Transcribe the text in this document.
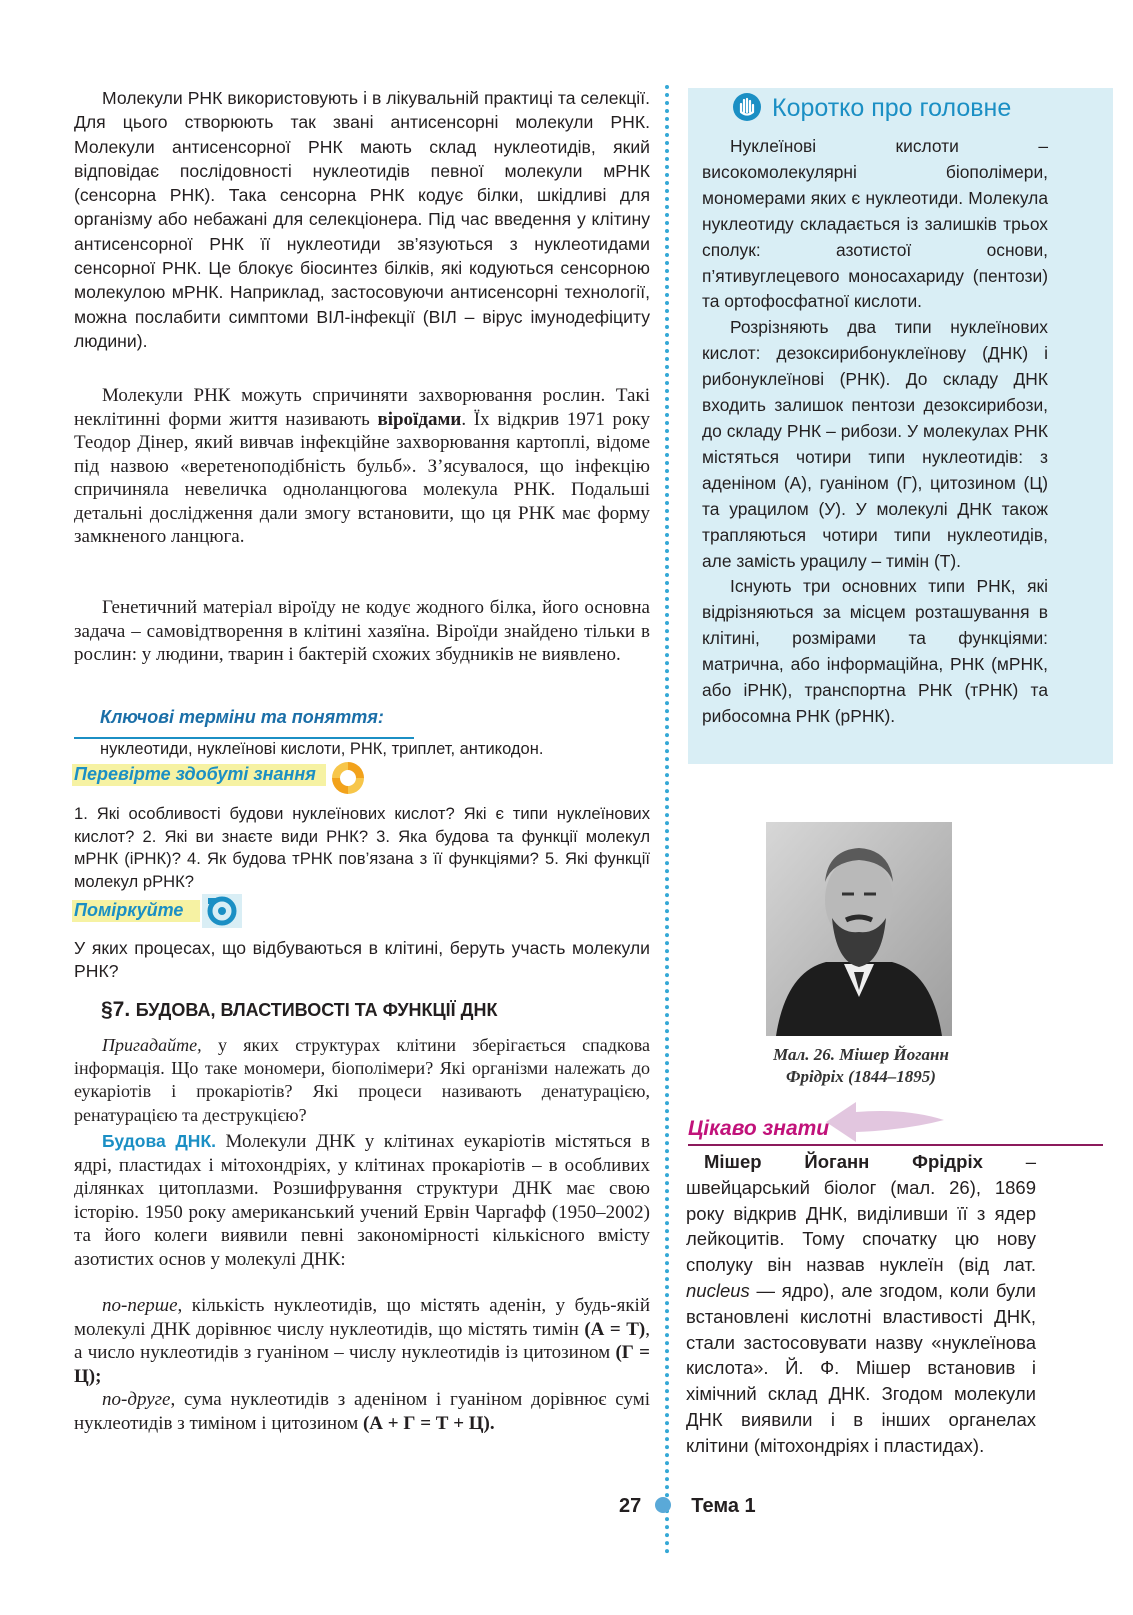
Молекули РНК використовують і в лікувальній практиці та селекції. Для цього створюють так звані антисенсорні молекули РНК. Молекули антисенсорної РНК мають склад нуклеотидів, який відповідає послідовності нуклеотидів певної молекули мРНК (сенсорна РНК). Така сенсорна РНК кодує білки, шкідливі для організму або небажані для селекціонера. Під час введення у клітину антисенсорної РНК її нуклеотиди зв’язуються з нуклеотидами сенсорної РНК. Це блокує біосинтез білків, які кодуються сенсорною молекулою мРНК. Наприклад, застосовуючи антисенсорні технології, можна послабити симптоми ВІЛ-інфекції (ВІЛ – вірус імунодефіциту людини).
Молекули РНК можуть спричиняти захворювання рослин. Такі неклітинні форми життя називають віроїдами. Їх відкрив 1971 року Теодор Дінер, який вивчав інфекційне захворювання картоплі, відоме під назвою «веретеноподібність бульб». З’ясувалося, що інфекцію спричиняла невеличка одноланцюгова молекула РНК. Подальші детальні дослідження дали змогу встановити, що ця РНК має форму замкненого ланцюга.
Генетичний матеріал віроїду не кодує жодного білка, його основна задача – самовідтворення в клітині хазяїна. Віроїди знайдено тільки в рослин: у людини, тварин і бактерій схожих збудників не виявлено.
Ключові терміни та поняття:
нуклеотиди, нуклеїнові кислоти, РНК, триплет, антикодон.
Перевірте здобуті знання
1. Які особливості будови нуклеїнових кислот? Які є типи нуклеїнових кислот? 2. Які ви знаєте види РНК? 3. Яка будова та функції молекул мРНК (іРНК)? 4. Як будова тРНК пов’язана з її функціями? 5. Які функції молекул рРНК?
Поміркуйте
У яких процесах, що відбуваються в клітині, беруть участь молекули РНК?
§7. БУДОВА, ВЛАСТИВОСТІ ТА ФУНКЦІЇ ДНК
Пригадайте, у яких структурах клітини зберігається спадкова інформація. Що таке мономери, біополімери? Які організми належать до еукаріотів і прокаріотів? Які процеси називають денатурацією, ренатурацією та деструкцією?
Будова ДНК. Молекули ДНК у клітинах еукаріотів містяться в ядрі, пластидах і мітохондріях, у клітинах прокаріотів – в особливих ділянках цитоплазми. Розшифрування структури ДНК має свою історію. 1950 року американський учений Ервін Чаргафф (1950–2002) та його колеги виявили певні закономірності кількісного вмісту азотистих основ у молекулі ДНК:
по-перше, кількість нуклеотидів, що містять аденін, у будь-якій молекулі ДНК дорівнює числу нуклеотидів, що містять тимін (А = Т), а число нуклеотидів з гуаніном – числу нуклеотидів із цитозином (Г = Ц);
по-друге, сума нуклеотидів з аденіном і гуаніном дорівнює сумі нуклеотидів з тиміном і цитозином (А + Г = Т + Ц).
Коротко про головне

Нуклеїнові кислоти – високомолекулярні біополімери, мономерами яких є нуклеотиди. Молекула нуклеотиду складається із залишків трьох сполук: азотистої основи, п’ятивуглецевого моносахариду (пентози) та ортофосфатної кислоти.

Розрізняють два типи нуклеїнових кислот: дезоксирибонуклеїнову (ДНК) і рибонуклеїнові (РНК). До складу ДНК входить залишок пентози дезоксирибози, до складу РНК – рибози. У молекулах РНК містяться чотири типи нуклеотидів: з аденіном (А), гуаніном (Г), цитозином (Ц) та урацилом (У). У молекулі ДНК також трапляються чотири типи нуклеотидів, але замість урацилу – тимін (Т).

Існують три основних типи РНК, які відрізняються за місцем розташування в клітині, розмірами та функціями: матрична, або інформаційна, РНК (мРНК, або іРНК), транспортна РНК (тРНК) та рибосомна РНК (рРНК).

Мал. 26. Мішер Йоганн
Фрідріх (1844–1895)
Цікаво знати
Мішер Йоганн Фрідріх – швейцарський біолог (мал. 26), 1869 року відкрив ДНК, виділивши її з ядер лейкоцитів. Тому спочатку цю нову сполуку він назвав нуклеїн (від лат. nucleus — ядро), але згодом, коли були встановлені кислотні властивості ДНК, стали застосовувати назву «нуклеїнова кислота». Й. Ф. Мішер встановив і хімічний склад ДНК. Згодом молекули ДНК виявили і в інших органелах клітини (мітохондріях і пластидах).
27	Тема 1
